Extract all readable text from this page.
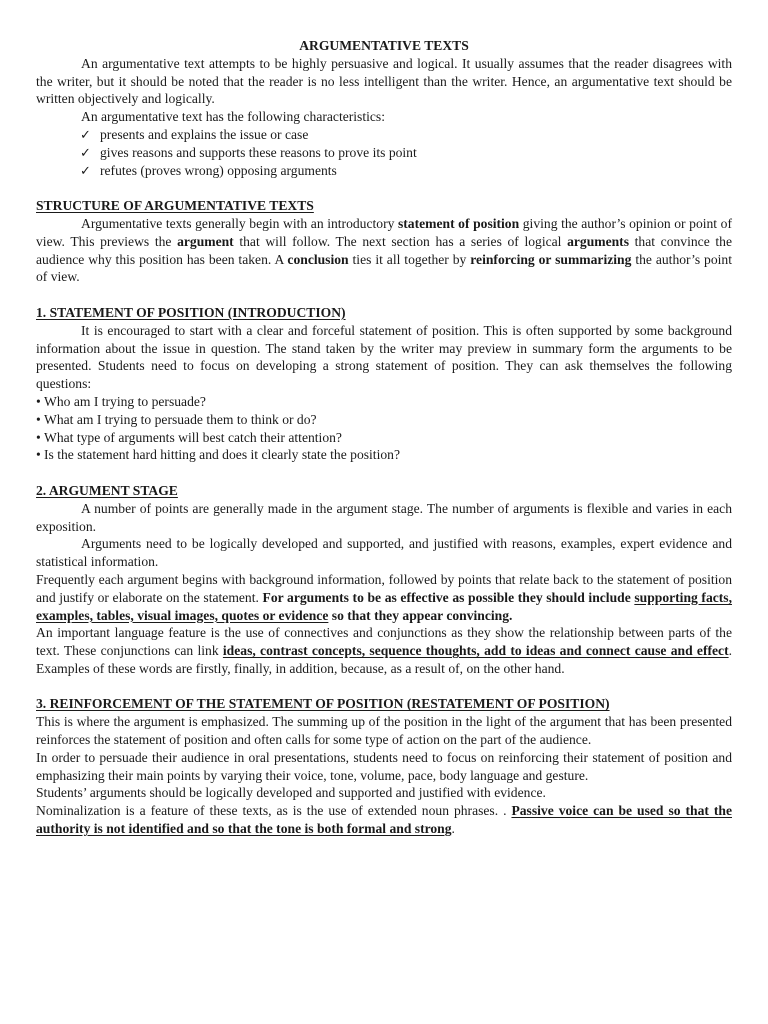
ARGUMENTATIVE TEXTS

An argumentative text attempts to be highly persuasive and logical. It usually assumes that the reader disagrees with the writer, but it should be noted that the reader is no less intelligent than the writer. Hence, an argumentative text should be written objectively and logically.

An argumentative text has the following characteristics:

✓ presents and explains the issue or case
✓ gives reasons and supports these reasons to prove its point
✓ refutes (proves wrong) opposing arguments
STRUCTURE OF ARGUMENTATIVE TEXTS

Argumentative texts generally begin with an introductory statement of position giving the author’s opinion or point of view. This previews the argument that will follow. The next section has a series of logical arguments that convince the audience why this position has been taken. A conclusion ties it all together by reinforcing or summarizing the author’s point of view.

1. STATEMENT OF POSITION (INTRODUCTION)

It is encouraged to start with a clear and forceful statement of position. This is often supported by some background information about the issue in question. The stand taken by the writer may preview in summary form the arguments to be presented. Students need to focus on developing a strong statement of position. They can ask themselves the following questions:

• Who am I trying to persuade?
• What am I trying to persuade them to think or do?
• What type of arguments will best catch their attention?
• Is the statement hard hitting and does it clearly state the position?
2. ARGUMENT STAGE

A number of points are generally made in the argument stage. The number of arguments is flexible and varies in each exposition.

Arguments need to be logically developed and supported, and justified with reasons, examples, expert evidence and statistical information.

Frequently each argument begins with background information, followed by points that relate back to the statement of position and justify or elaborate on the statement. For arguments to be as effective as possible they should include supporting facts, examples, tables, visual images, quotes or evidence so that they appear convincing.

An important language feature is the use of connectives and conjunctions as they show the relationship between parts of the text. These conjunctions can link ideas, contrast concepts, sequence thoughts, add to ideas and connect cause and effect. Examples of these words are firstly, finally, in addition, because, as a result of, on the other hand.

3. REINFORCEMENT OF THE STATEMENT OF POSITION (RESTATEMENT OF POSITION)

This is where the argument is emphasized. The summing up of the position in the light of the argument that has been presented reinforces the statement of position and often calls for some type of action on the part of the audience.

In order to persuade their audience in oral presentations, students need to focus on reinforcing their statement of position and emphasizing their main points by varying their voice, tone, volume, pace, body language and gesture.

Students’ arguments should be logically developed and supported and justified with evidence.

Nominalization is a feature of these texts, as is the use of extended noun phrases. . Passive voice can be used so that the authority is not identified and so that the tone is both formal and strong.
